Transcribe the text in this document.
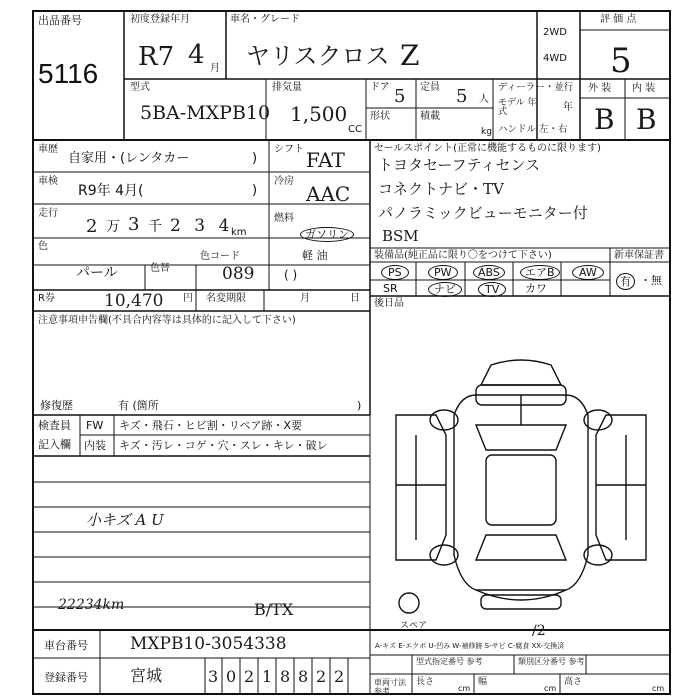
出品番号
5116
初度登録年月
R7 4 月
車名・グレード
ヤリスクロス Z
2WD
4WD
評 価 点
5
外 装 内 装
B B
型式
5BA-MXPB10
排気量
1,500
CC
ドア 5 定員 5 人
形状	積載
kg
ディーラー・並行
モデル 年式	年
ハンドル 左・右
車歴
自家用・(レンタカー	)
シフト FAT
車検
R9年 4月(	)
冷房
AAC
走行
2 万 3 千 2 3 4
km
燃料
ガソリン
軽 油
( )
色
パール	色替
色コード
089
R券	10,470 円 名変期限	月	日
セールスポイント(正常に機能するものに限ります)
トヨタセーフティセンス
コネクトナビ・TV
パノラミックビューモニター付
BSM
装備品(純正品に限り〇をつけて下さい)	新車保証書
有 ・無
PS	PW	ABS	エアB	AW
SR	ナビ	TV	カワ
後日品
注意事項申告欄(不具合内容等は具体的に記入して下さい)
修復歴	有 (箇所	)
検査員
記入欄
FW キズ・飛石・ヒビ割・リペア跡・X要
内装 キズ・汚レ・コゲ・穴・スレ・キレ・破レ
小キズ A U
22234km	B/TX
スペア	/2
A-キズ E-エクボ U-凹み W-補修跡 S-サビ C-腐食 XX-交換済
車台番号 MXPB10-3054338
登録番号	宮城	3 0 2 1 8 8 2 2
型式指定番号 参考	類別区分番号 参考
車両寸法 参考
長さ
cm
幅
cm
高さ
cm
